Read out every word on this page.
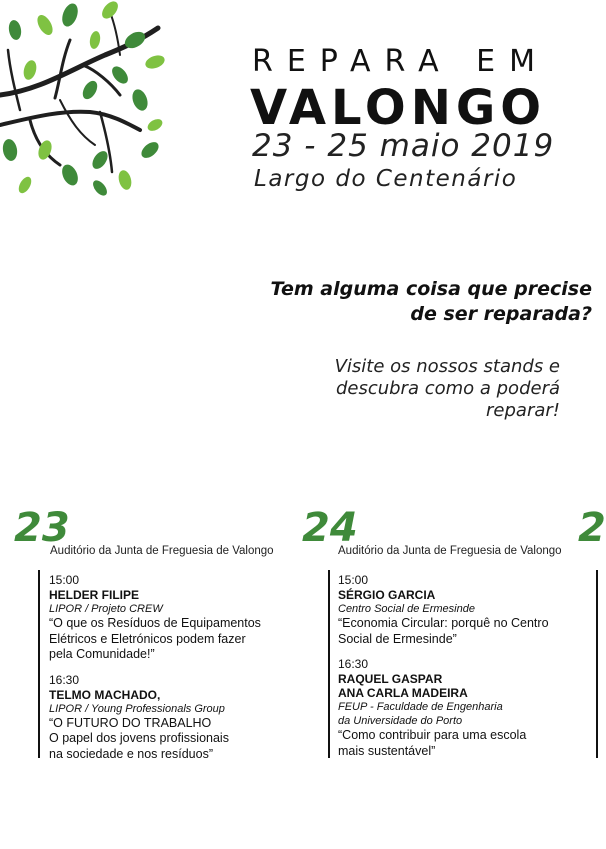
REPARA EM
VALONGO
23 - 25 maio 2019
Largo do Centenário
Tem alguma coisa que precise
de ser reparada?
Visite os nossos stands e
descubra como a poderá
reparar!
23
Auditório da Junta de Freguesia de Valongo
15:00
HELDER FILIPE
LIPOR / Projeto CREW
“O que os Resíduos de Equipamentos
Elétricos e Eletrónicos podem fazer
pela Comunidade!”
16:30
TELMO MACHADO,
LIPOR / Young Professionals Group
“O FUTURO DO TRABALHO
O papel dos jovens profissionais
na sociedade e nos resíduos”
24
Auditório da Junta de Freguesia de Valongo
15:00
SÉRGIO GARCIA
Centro Social de Ermesinde
“Economia Circular: porquê no Centro
Social de Ermesinde”
16:30
RAQUEL GASPAR
ANA CARLA MADEIRA
FEUP - Faculdade de Engenharia
da Universidade do Porto
“Como contribuir para uma escola
mais sustentável”
2
